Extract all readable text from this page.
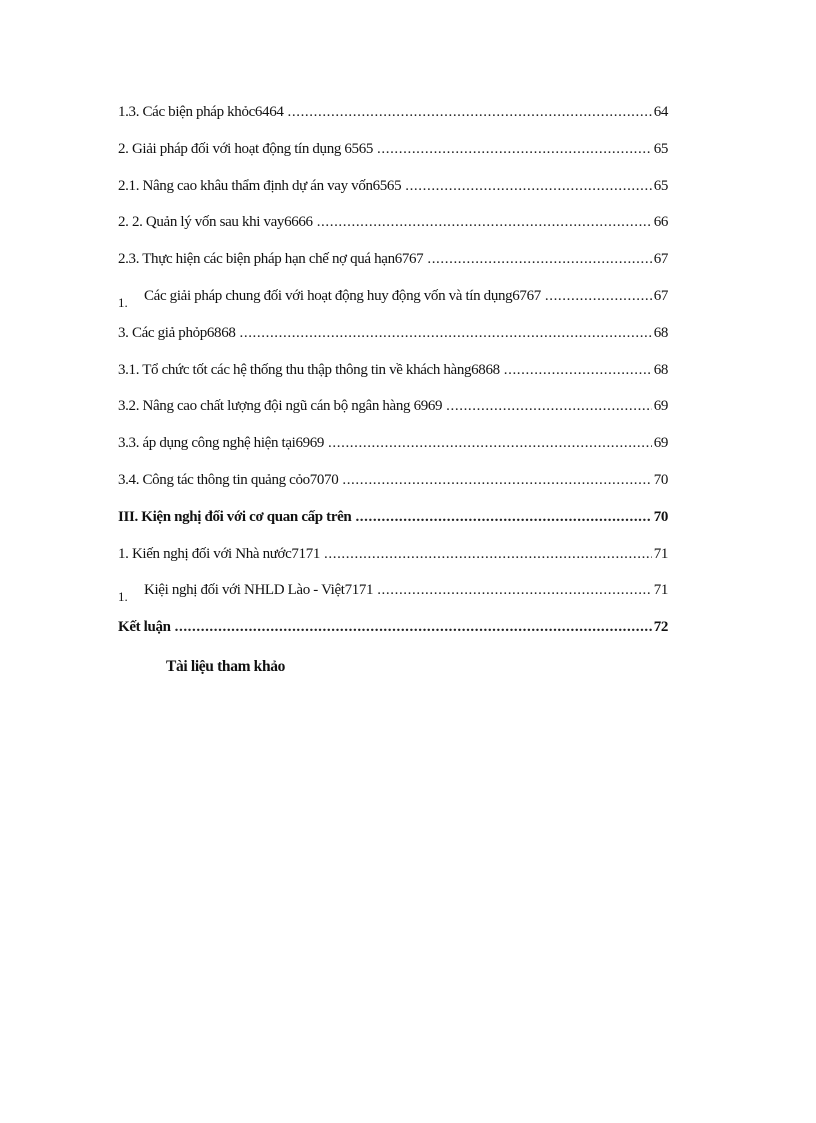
1.3. Các biện pháp khỏc6464 .....	64
2. Giải pháp đối với hoạt động tín dụng 6565 .....	65
2.1. Nâng cao khâu thẩm định dự án vay vốn6565 .....	65
2. 2. Quản lý vốn sau khi vay6666 .....	66
2.3. Thực hiện các biện pháp hạn chế nợ quá hạn6767 .....	67
1.	Các giải pháp chung đối với hoạt động huy động vốn và tín dụng6767 .....	67
3. Các giả phỏp6868 .....	68
3.1. Tổ chức tốt các hệ thống thu thập thông tin về khách hàng6868 .....	68
3.2. Nâng cao chất lượng đội ngũ cán bộ ngân hàng 6969 .....	69
3.3. áp dụng công nghệ hiện tại6969 .....	69
3.4. Công tác thông tin quảng cỏo7070 .....	70
III. Kiện nghị đối với cơ quan cấp trên .....	70
1. Kiến nghị đối với Nhà nước7171 .....	71
1.	Kiệi nghị đối với NHLD Lào - Việt7171 .....	71
Kết luận .....	72
Tài liệu tham khảo
